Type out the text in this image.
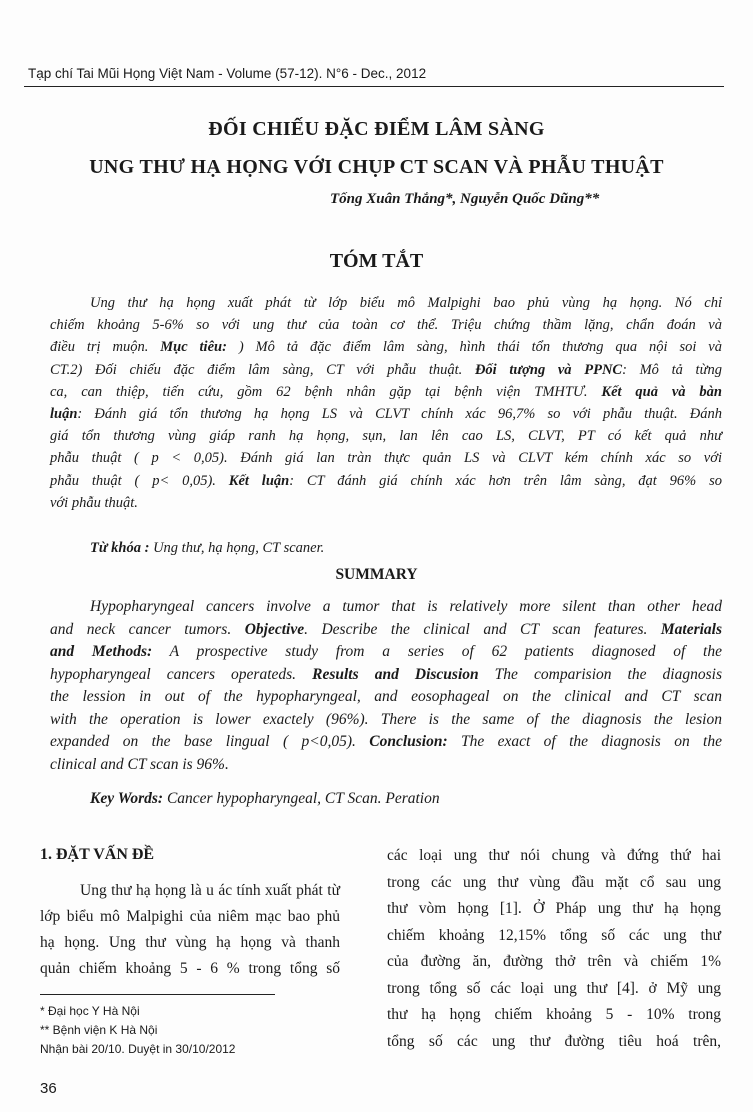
Tạp chí Tai Mũi Họng Việt Nam - Volume (57-12). N°6 - Dec., 2012
ĐỐI CHIẾU ĐẶC ĐIỂM LÂM SÀNG
UNG THƯ HẠ HỌNG VỚI CHỤP CT SCAN VÀ PHẪU THUẬT
Tống Xuân Thắng*, Nguyễn Quốc Dũng**
TÓM TẮT
Ung thư hạ họng xuất phát từ lớp biểu mô Malpighi bao phủ vùng hạ họng. Nó chỉ
chiếm khoảng 5-6% so với ung thư của toàn cơ thể. Triệu chứng thầm lặng, chẩn đoán và
điều trị muộn. Mục tiêu: ) Mô tả đặc điểm lâm sàng, hình thái tổn thương qua nội soi và
CT.2) Đối chiếu đặc điểm lâm sàng, CT với phẫu thuật. Đối tượng và PPNC: Mô tả từng
ca, can thiệp, tiến cứu, gồm 62 bệnh nhân gặp tại bệnh viện TMHTƯ. Kết quả và bàn
luận: Đánh giá tổn thương hạ họng LS và CLVT chính xác 96,7% so với phẫu thuật. Đánh
giá tổn thương vùng giáp ranh hạ họng, sụn, lan lên cao LS, CLVT, PT có kết quả như
phẫu thuật ( p < 0,05). Đánh giá lan tràn thực quản LS và CLVT kém chính xác so với
phẫu thuật ( p< 0,05). Kết luận: CT đánh giá chính xác hơn trên lâm sàng, đạt 96% so
với phẫu thuật.
Từ khóa : Ung thư, hạ họng, CT scaner.
SUMMARY
Hypopharyngeal cancers involve a tumor that is relatively more silent than other head
and neck cancer tumors. Objective. Describe the clinical and CT scan features. Materials
and Methods: A prospective study from a series of 62 patients diagnosed of the
hypopharyngeal cancers operateds. Results and Discusion The comparision the diagnosis
the lession in out of the hypopharyngeal, and eosophageal on the clinical and CT scan
with the operation is lower exactely (96%). There is the same of the diagnosis the lesion
expanded on the base lingual ( p<0,05). Conclusion: The exact of the diagnosis on the
clinical and CT scan is 96%.
Key Words: Cancer hypopharyngeal, CT Scan. Peration
1. ĐẶT VẤN ĐỀ
Ung thư hạ họng là u ác tính xuất phát từ
lớp biểu mô Malpighi của niêm mạc bao phủ
hạ họng. Ung thư vùng hạ họng và thanh
quản chiếm khoảng 5 - 6 % trong tổng số
các loại ung thư nói chung và đứng thứ hai
trong các ung thư vùng đầu mặt cổ sau ung
thư vòm họng [1]. Ở Pháp ung thư hạ họng
chiếm khoảng 12,15% tổng số các ung thư
của đường ăn, đường thở trên và chiếm 1%
trong tổng số các loại ung thư [4]. ở Mỹ ung
thư hạ họng chiếm khoảng 5 - 10% trong
tổng số các ung thư đường tiêu hoá trên,
* Đại học Y Hà Nội
** Bệnh viện K Hà Nội
Nhận bài 20/10. Duyệt in 30/10/2012
36
